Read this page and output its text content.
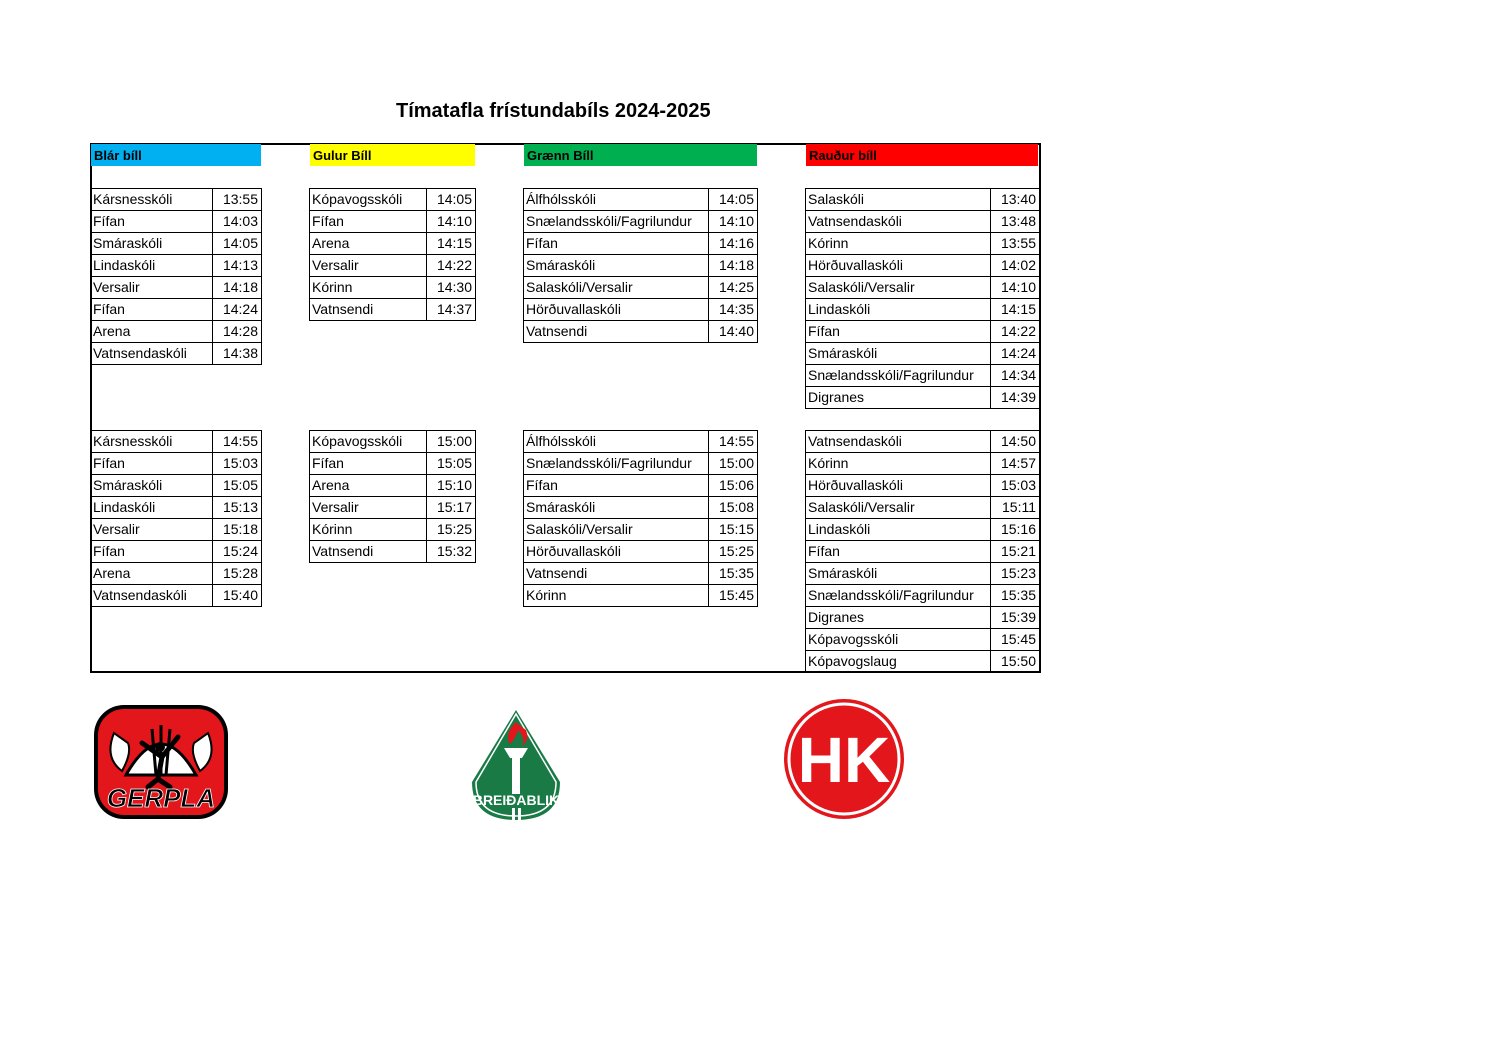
Tímatafla frístundabíls 2024-2025
Blár bíll	Gulur Bíll	Grænn Bíll	Rauður bíll
Kársnesskóli	13:55
Fífan	14:03
Smáraskóli	14:05
Lindaskóli	14:13
Versalir	14:18
Fífan	14:24
Arena	14:28
Vatnsendaskóli	14:38
Kársnesskóli	14:55
Fífan	15:03
Smáraskóli	15:05
Lindaskóli	15:13
Versalir	15:18
Fífan	15:24
Arena	15:28
Vatnsendaskóli	15:40
Kópavogsskóli	14:05
Fífan	14:10
Arena	14:15
Versalir	14:22
Kórinn	14:30
Vatnsendi	14:37
Kópavogsskóli	15:00
Fífan	15:05
Arena	15:10
Versalir	15:17
Kórinn	15:25
Vatnsendi	15:32
Álfhólsskóli	14:05
Snælandsskóli/Fagrilundur	14:10
Fífan	14:16
Smáraskóli	14:18
Salaskóli/Versalir	14:25
Hörðuvallaskóli	14:35
Vatnsendi	14:40
Álfhólsskóli	14:55
Snælandsskóli/Fagrilundur	15:00
Fífan	15:06
Smáraskóli	15:08
Salaskóli/Versalir	15:15
Hörðuvallaskóli	15:25
Vatnsendi	15:35
Kórinn	15:45
Salaskóli	13:40
Vatnsendaskóli	13:48
Kórinn	13:55
Hörðuvallaskóli	14:02
Salaskóli/Versalir	14:10
Lindaskóli	14:15
Fífan	14:22
Smáraskóli	14:24
Snælandsskóli/Fagrilundur	14:34
Digranes	14:39
Vatnsendaskóli	14:50
Kórinn	14:57
Hörðuvallaskóli	15:03
Salaskóli/Versalir	15:11
Lindaskóli	15:16
Fífan	15:21
Smáraskóli	15:23
Snælandsskóli/Fagrilundur	15:35
Digranes	15:39
Kópavogsskóli	15:45
Kópavogslaug	15:50
GERPLA	BREIÐABLIK
HK
